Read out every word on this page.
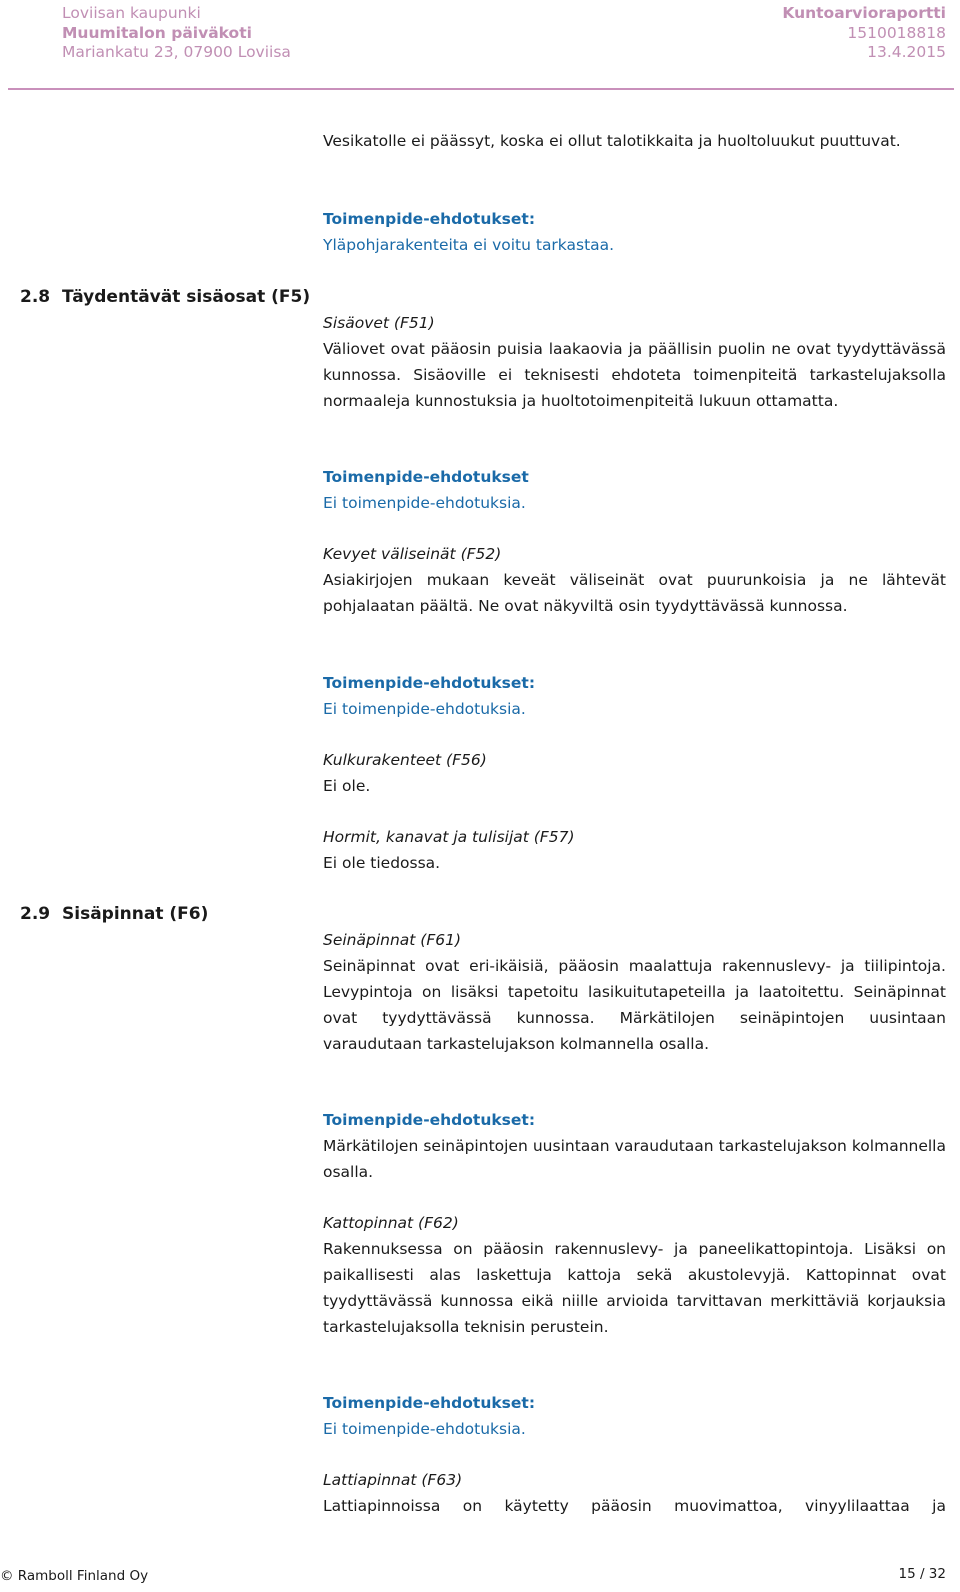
Loviisan kaupunki
Muumitalon päiväkoti
Mariankatu 23, 07900 Loviisa
Kuntoarvioraportti
1510018818
13.4.2015
Vesikatolle ei päässyt, koska ei ollut talotikkaita ja huoltoluukut puuttuvat.
Toimenpide-ehdotukset:
Yläpohjarakenteita ei voitu tarkastaa.
2.8 Täydentävät sisäosat (F5)
Sisäovet (F51)
Väliovet ovat pääosin puisia laakaovia ja päällisin puolin ne ovat tyydyttävässä kunnossa. Sisäoville ei teknisesti ehdoteta toimenpiteitä tarkastelujaksolla normaaleja kunnostuksia ja huoltotoimenpiteitä lukuun ottamatta.
Toimenpide-ehdotukset
Ei toimenpide-ehdotuksia.
Kevyet väliseinät (F52)
Asiakirjojen mukaan keveät väliseinät ovat puurunkoisia ja ne lähtevät pohjalaatan päältä. Ne ovat näkyviltä osin tyydyttävässä kunnossa.
Toimenpide-ehdotukset:
Ei toimenpide-ehdotuksia.
Kulkurakenteet (F56)
Ei ole.
Hormit, kanavat ja tulisijat (F57)
Ei ole tiedossa.
2.9 Sisäpinnat (F6)
Seinäpinnat (F61)
Seinäpinnat ovat eri-ikäisiä, pääosin maalattuja rakennuslevy- ja tiilipintoja. Levypintoja on lisäksi tapetoitu lasikuitutapeteilla ja laatoitettu. Seinäpinnat ovat tyydyttävässä kunnossa. Märkätilojen seinäpintojen uusintaan varaudutaan tarkastelujakson kolmannella osalla.
Toimenpide-ehdotukset:
Märkätilojen seinäpintojen uusintaan varaudutaan tarkastelujakson kolmannella osalla.
Kattopinnat (F62)
Rakennuksessa on pääosin rakennuslevy- ja paneelikattopintoja. Lisäksi on paikallisesti alas laskettuja kattoja sekä akustolevyjä. Kattopinnat ovat tyydyttävässä kunnossa eikä niille arvioida tarvittavan merkittäviä korjauksia tarkastelujaksolla teknisin perustein.
Toimenpide-ehdotukset:
Ei toimenpide-ehdotuksia.
Lattiapinnat (F63)
Lattiapinnoissa on käytetty pääosin muovimattoa, vinyylilaattaa ja
© Ramboll Finland Oy	15 / 32
